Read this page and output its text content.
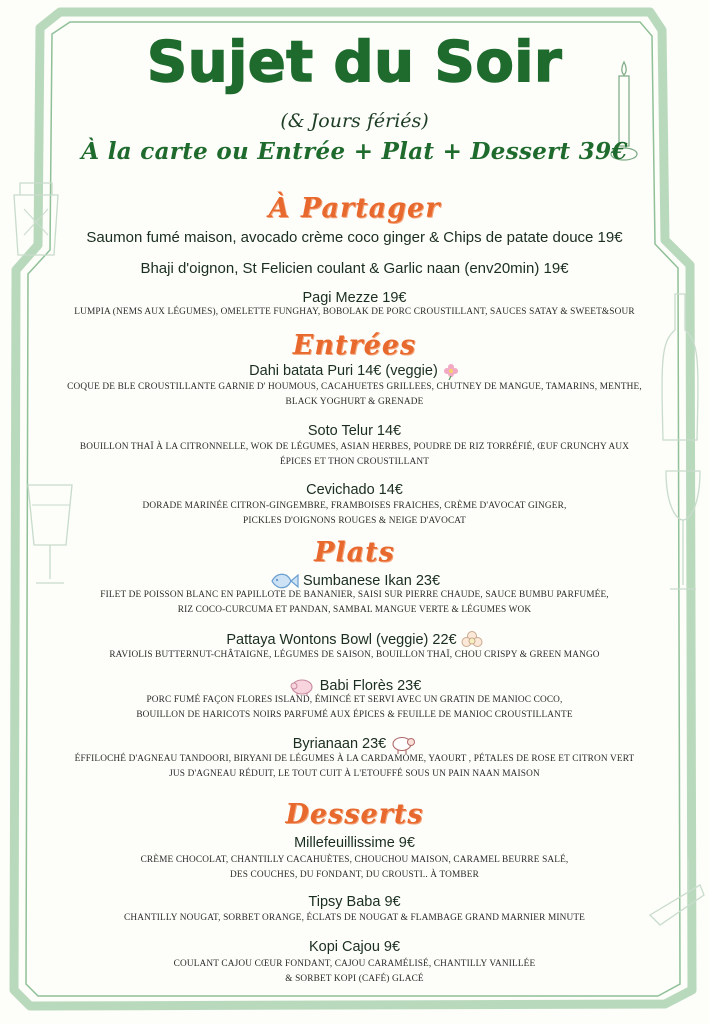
Sujet du Soir
(& Jours fériés)
À la carte ou Entrée + Plat + Dessert 39€
À Partager
Saumon fumé maison, avocado crème coco ginger & Chips de patate douce 19€
Bhaji d'oignon, St Felicien coulant & Garlic naan (env20min) 19€
Pagi Mezze 19€
LUMPIA (NEMS AUX LÉGUMES), OMELETTE FUNGHAY, BOBOLAK DE PORC CROUSTILLANT, SAUCES SATAY & SWEET&SOUR
Entrées
Dahi batata Puri 14€ (veggie)
COQUE DE BLE CROUSTILLANTE GARNIE D' HOUMOUS, CACAHUETES GRILLEES, CHUTNEY DE MANGUE, TAMARINS, MENTHE,
BLACK YOGHURT & GRENADE
Soto Telur 14€
BOUILLON THAÏ À LA CITRONNELLE, WOK DE LÉGUMES, ASIAN HERBES, POUDRE DE RIZ TORRÉFIÉ, ŒUF CRUNCHY AUX
ÉPICES ET THON CROUSTILLANT
Cevichado 14€
DORADE MARINÉE CITRON-GINGEMBRE, FRAMBOISES FRAICHES, CRÈME D'AVOCAT GINGER,
PICKLES D'OIGNONS ROUGES & NEIGE D'AVOCAT
Plats
Sumbanese Ikan 23€
FILET DE POISSON BLANC EN PAPILLOTE DE BANANIER, SAISI SUR PIERRE CHAUDE, SAUCE BUMBU PARFUMÉE,
RIZ COCO-CURCUMA ET PANDAN, SAMBAL MANGUE VERTE & LÉGUMES WOK
Pattaya Wontons Bowl (veggie) 22€
RAVIOLIS BUTTERNUT-CHÂTAIGNE, LÉGUMES DE SAISON, BOUILLON THAÏ, CHOU CRISPY & GREEN MANGO
Babi Florès 23€
PORC FUMÉ FAÇON FLORES ISLAND, ÉMINCÉ ET SERVI AVEC UN GRATIN DE MANIOC COCO,
BOUILLON DE HARICOTS NOIRS PARFUMÉ AUX ÉPICES & FEUILLE DE MANIOC CROUSTILLANTE
Byrianaan 23€
ÉFFILOCHÉ D'AGNEAU TANDOORI, BIRYANI DE LÉGUMES À LA CARDAMOME, YAOURT , PÉTALES DE ROSE ET CITRON VERT
JUS D'AGNEAU RÉDUIT, LE TOUT CUIT À L'ETOUFFÉ SOUS UN PAIN NAAN MAISON
Desserts
Millefeuillissime 9€
CRÈME CHOCOLAT, CHANTILLY CACAHUÈTES, CHOUCHOU MAISON, CARAMEL BEURRE SALÉ,
DES COUCHES, DU FONDANT, DU CROUSTI.. À TOMBER
Tipsy Baba 9€
CHANTILLY NOUGAT, SORBET ORANGE, ÉCLATS DE NOUGAT & FLAMBAGE GRAND MARNIER MINUTE
Kopi Cajou 9€
COULANT CAJOU CŒUR FONDANT, CAJOU CARAMÉLISÉ, CHANTILLY VANILLÉE
& SORBET KOPI (CAFÉ) GLACÉ
